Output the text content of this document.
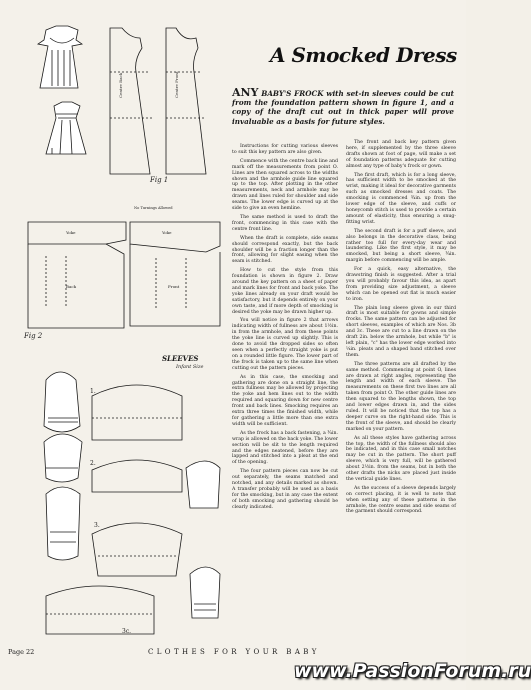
A Smocked Dress
ANY BABY'S FROCK with set-in sleeves could be cut from the foundation pattern shown in figure 1, and a copy of the draft cut out in thick paper will prove invaluable as a basis for future styles.
Fig 1
Fig 2
Centre Back	Centre Front
Yoke	Yoke
Back	Front
No Turnings Allowed
SLEEVES
Infant Size
1.
2.
3.
3c.

Instructions for cutting various sleeves to suit this key pattern are also given.

Commence with the centre back line and mark off the measurements from point O. Lines are then squared across to the widths shown and the armhole guide line squared up to the top. After plotting in the other measurements, neck and armhole may be drawn and lines ruled for shoulder and side seams. The lower edge is curved up at the side to give an even hemline.

The same method is used to draft the front, commencing in this case with the centre front line.

When the draft is complete, side seams should correspond exactly, but the back shoulder will be a fraction longer than the front, allowing for slight easing when the seam is stitched.

How to cut the style from this foundation is shown in figure 2. Draw around the key pattern on a sheet of paper and mark lines for front and back yoke. The yoke lines already on your draft would be satisfactory, but it depends entirely on your own taste, and if more depth of smocking is desired the yoke may be drawn higher up.

You will notice in figure 2 that arrows indicating width of fullness are about 1½in. in from the armhole, and from these points the yoke line is curved up slightly. This is done to avoid the dropped sides so often seen when a perfectly straight yoke is put on a rounded little figure. The lower part of the frock is taken up to the same line when cutting out the pattern pieces.

As in this case, the smocking and gathering are done on a straight line, the extra fullness may be allowed by projecting the yoke and hem lines out to the width required and squaring down for new centre front and back lines. Smocking requires an extra three times the finished width, while for gathering a little more than one extra width will be sufficient.

As the frock has a back fastening, a ¾in. wrap is allowed on the back yoke. The lower section will be slit to the length required and the edges neatened, before they are lapped and stitched into a pleat at the end of the opening.

The four pattern pieces can now be cut out separately, the seams matched and notched, and any details marked as shown. A transfer probably will be used as a basis for the smocking, but in any case the extent of both smocking and gathering should be clearly indicated.

The front and back key pattern given here, if supplemented by the three sleeve drafts shown at foot of page, will make a set of foundation patterns adequate for cutting almost any type of baby's frock or gown.

The first draft, which is for a long sleeve, has sufficient width to be smocked at the wrist, making it ideal for decorative garments such as smocked dresses and coats. The smocking is commenced ¾in. up from the lower edge of the sleeve, and cuffs or honeycomb stitch is used to provide a certain amount of elasticity, thus ensuring a snug-fitting wrist.

The second draft is for a puff sleeve, and also belongs in the decorative class, being rather too full for every-day wear and laundering. Like the first style, it may be smocked, but being a short sleeve, ¾in. margin before commencing will be ample.

For a quick, easy alternative, the drawstring finish is suggested. After a trial you will probably favour this idea, as apart from providing size adjustment, a sleeve which can be opened out flat is much easier to iron.

The plain long sleeve given in our third draft is most suitable for gowns and simple frocks. The same pattern can be adjusted for short sleeves, examples of which are Nos. 3b and 3c. These are cut to a line drawn on the draft 2in. below the armhole, but while "b" is left plain, "c" has the lower edge worked into ¼in. pleats and a shaped band stitched over them.

The three patterns are all drafted by the same method. Commencing at point O, lines are drawn at right angles, representing the length and width of each sleeve. The measurements on these first two lines are all taken from point O. The other guide lines are then squared to the lengths shown, the top and lower edges drawn in, and the sides ruled. It will be noticed that the top has a deeper curve on the right-hand side. This is the front of the sleeve, and should be clearly marked on your pattern.

As all these styles have gathering across the top, the width of the fullness should also be indicated, and in this case small notches may be cut in the pattern. The short puff sleeve, which is very full, will be gathered about 2½in. from the seams, but in both the other drafts the nicks are placed just inside the vertical guide lines.

As the success of a sleeve depends largely on correct placing, it is well to note that when setting any of these patterns in the armhole, the centre seams and side seams of the garment should correspond.

Page 22	CLOTHES FOR YOUR BABY
www.PassionForum.ru
